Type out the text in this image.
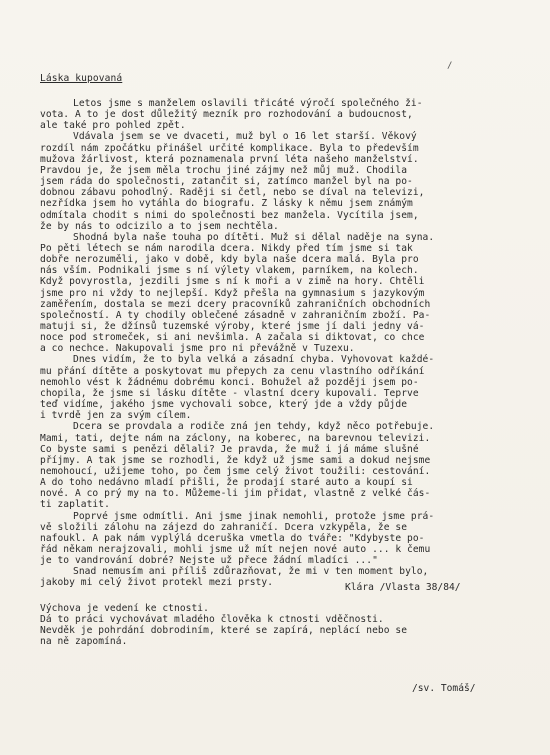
/
Láska kupovaná
Letos jsme s manželem oslavili třicáté výročí společného ži-
vota. A to je dost důležitý mezník pro rozhodování a budoucnost,
ale také pro pohled zpět.
Vdávala jsem se ve dvaceti, muž byl o 16 let starší. Věkový
rozdíl nám zpočátku přinášel určité komplikace. Byla to především
mužova žárlivost, která poznamenala první léta našeho manželství.
Pravdou je, že jsem měla trochu jiné zájmy než můj muž. Chodila
jsem ráda do společnosti, zatančit si, zatímco manžel byl na po-
dobnou zábavu pohodlný. Raději si četl, nebo se díval na televizi,
nezřídka jsem ho vytáhla do biografu. Z lásky k němu jsem známým
odmítala chodit s nimi do společnosti bez manžela. Vycítila jsem,
že by nás to odcizilo a to jsem nechtěla.
Shodná byla naše touha po dítěti. Muž si dělal naděje na syna.
Po pěti létech se nám narodila dcera. Nikdy před tím jsme si tak
dobře nerozuměli, jako v době, kdy byla naše dcera malá. Byla pro
nás vším. Podnikali jsme s ní výlety vlakem, parníkem, na kolech.
Když povyrostla, jezdili jsme s ní k moři a v zimě na hory. Chtěli
jsme pro ni vždy to nejlepší. Když přešla na gymnasium s jazykovým
zaměřením, dostala se mezi dcery pracovníků zahraničních obchodních
společností. A ty chodily oblečené zásadně v zahraničním zboží. Pa-
matuji si, že džínsů tuzemské výroby, které jsme jí dali jedny vá-
noce pod stromeček, si ani nevšimla. A začala si diktovat, co chce
a co nechce. Nakupovali jsme pro ni převážně v Tuzexu.
Dnes vidím, že to byla velká a zásadní chyba. Vyhovovat každé-
mu přání dítěte a poskytovat mu přepych za cenu vlastního odříkání
nemohlo vést k žádnému dobrému konci. Bohužel až později jsem po-
chopila, že jsme si lásku dítěte - vlastní dcery kupovali. Teprve
teď vidíme, jakého jsme vychovali sobce, který jde a vždy půjde
i tvrdě jen za svým cílem.
Dcera se provdala a rodiče zná jen tehdy, když něco potřebuje.
Mami, tati, dejte nám na záclony, na koberec, na barevnou televizi.
Co byste sami s penězi dělali? Je pravda, že muž i já máme slušné
příjmy. A tak jsme se rozhodli, že když už jsme sami a dokud nejsme
nemohoucí, užijeme toho, po čem jsme celý život toužili: cestování.
A do toho nedávno mladí přišli, že prodají staré auto a koupí si
nové. A co prý my na to. Můžeme-li jim přidat, vlastně z velké čás-
ti zaplatit.
Poprvé jsme odmítli. Ani jsme jinak nemohli, protože jsme prá-
vě složili zálohu na zájezd do zahraničí. Dcera vzkypěla, že se
nafoukl. A pak nám vyplýlá dceruška vmetla do tváře: "Kdybyste po-
řád někam nerajzovali, mohli jsme už mít nejen nové auto ... k čemu
je to vandrování dobré? Nejste už přece žádní mladíci ..."
Snad nemusím ani příliš zdůrazňovat, že mi v ten moment bylo,
jakoby mi celý život protekl mezi prsty.	Klára /Vlasta 38/84/
Výchova je vedení ke ctnosti.
Dá to práci vychovávat mladého člověka k ctnosti vděčnosti.
Nevděk je pohrdání dobrodiním, které se zapírá, neplácí nebo se
na ně zapomíná.
/sv. Tomáš/
